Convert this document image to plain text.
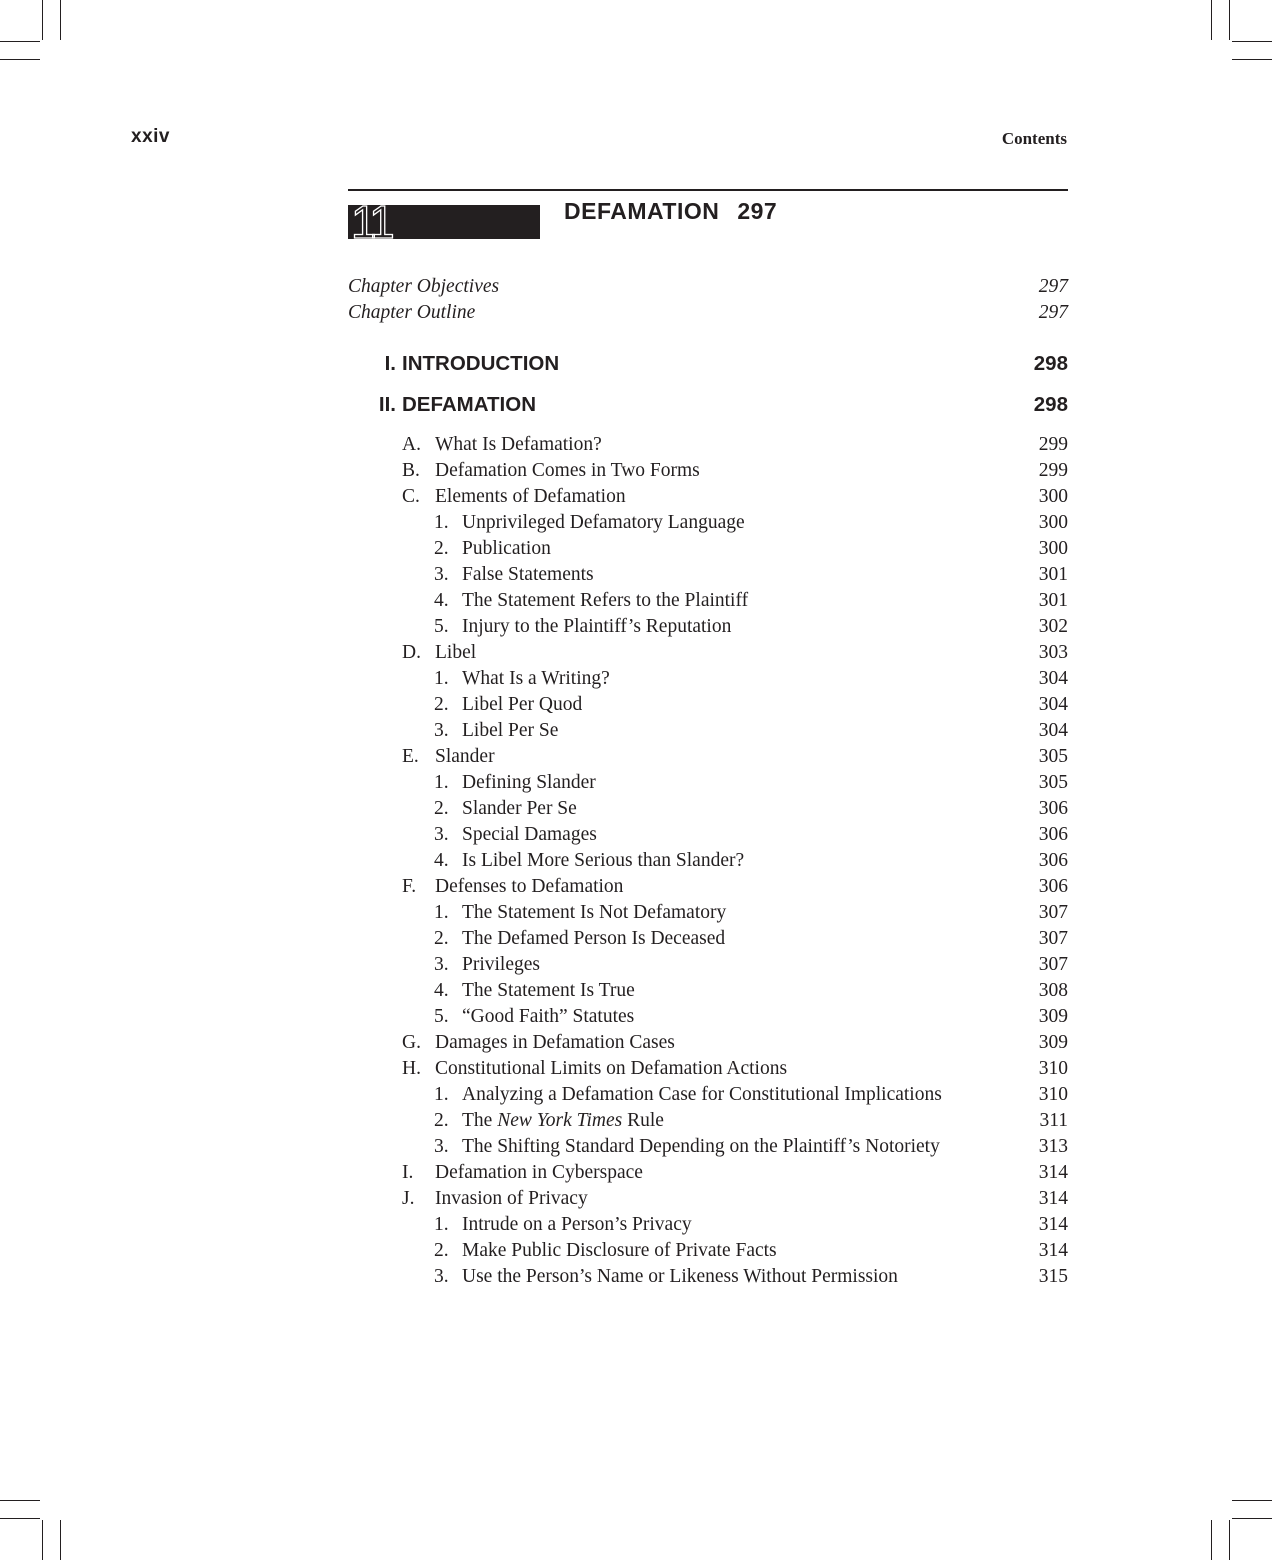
xxiv	Contents
11	DEFAMATION 297
Chapter Objectives	297
Chapter Outline	297
I. INTRODUCTION	298
II. DEFAMATION	298
A. What Is Defamation?	299
B. Defamation Comes in Two Forms	299
C. Elements of Defamation	300
1. Unprivileged Defamatory Language	300
2. Publication	300
3. False Statements	301
4. The Statement Refers to the Plaintiff	301
5. Injury to the Plaintiff’s Reputation	302
D. Libel	303
1. What Is a Writing?	304
2. Libel Per Quod	304
3. Libel Per Se	304
E. Slander	305
1. Defining Slander	305
2. Slander Per Se	306
3. Special Damages	306
4. Is Libel More Serious than Slander?	306
F. Defenses to Defamation	306
1. The Statement Is Not Defamatory	307
2. The Defamed Person Is Deceased	307
3. Privileges	307
4. The Statement Is True	308
5. “Good Faith” Statutes	309
G. Damages in Defamation Cases	309
H. Constitutional Limits on Defamation Actions	310
1. Analyzing a Defamation Case for Constitutional Implications	310
2. The New York Times Rule	311
3. The Shifting Standard Depending on the Plaintiff’s Notoriety	313
I.	Defamation in Cyberspace	314
J.	Invasion of Privacy	314
1. Intrude on a Person’s Privacy	314
2. Make Public Disclosure of Private Facts	314
3. Use the Person’s Name or Likeness Without Permission	315
